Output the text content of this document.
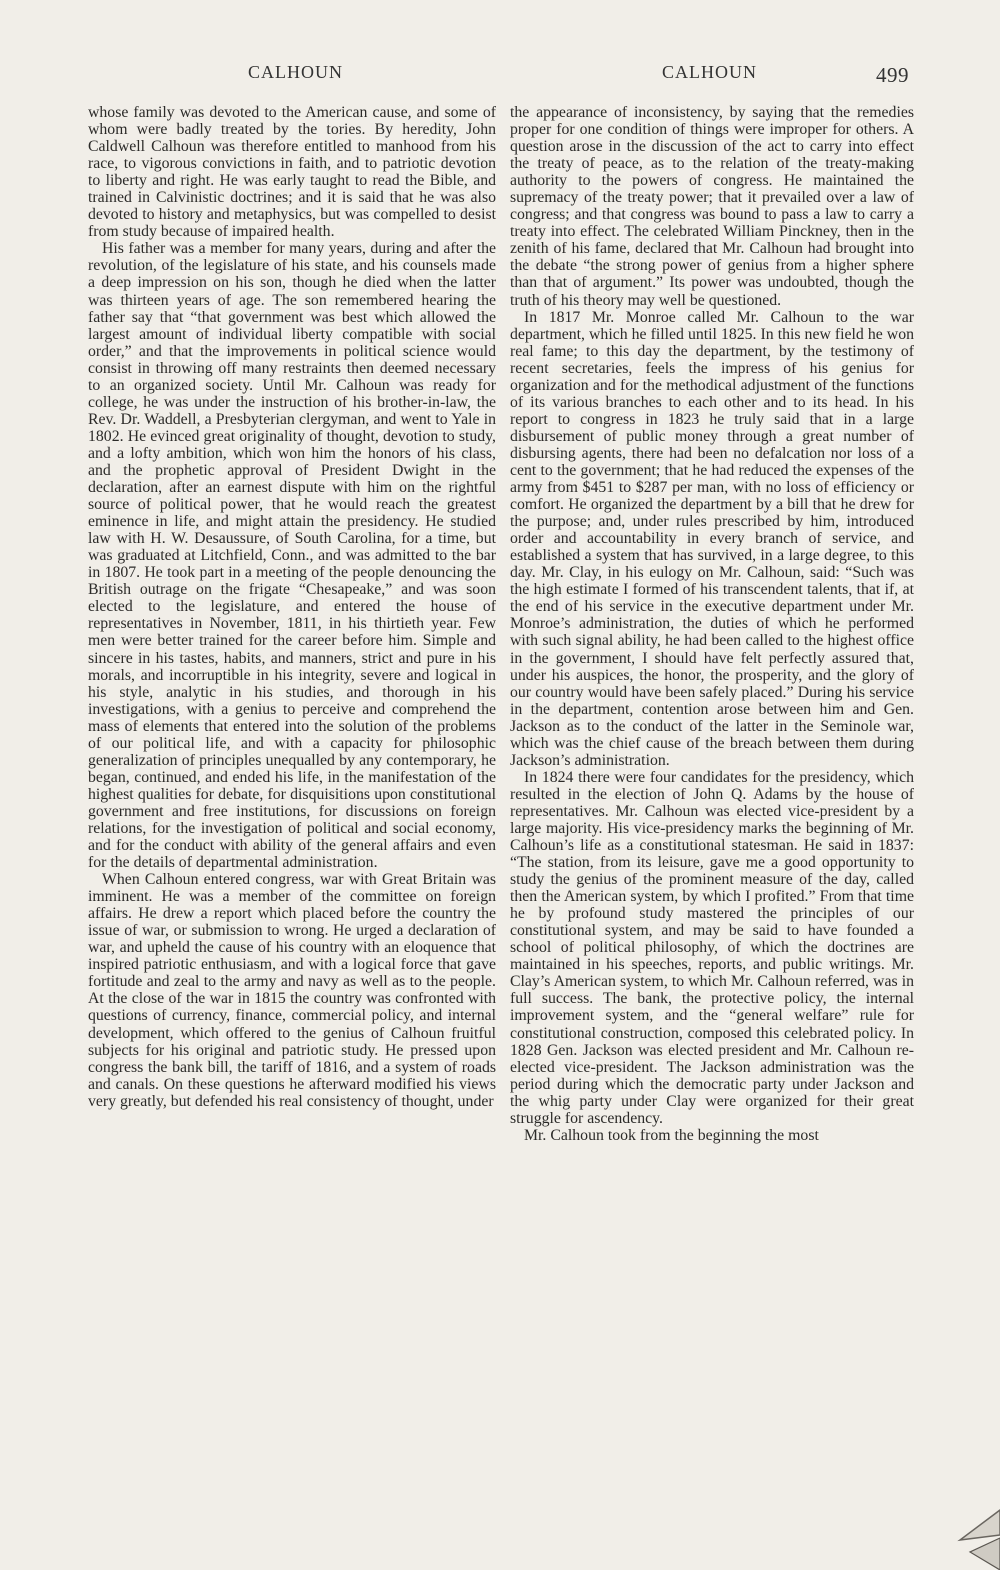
CALHOUN	CALHOUN	499

whose family was devoted to the American cause, and some of whom were badly treated by the tories. By heredity, John Caldwell Calhoun was therefore entitled to manhood from his race, to vigorous convictions in faith, and to patriotic devotion to liberty and right. He was early taught to read the Bible, and trained in Calvinistic doctrines; and it is said that he was also devoted to history and metaphysics, but was compelled to desist from study because of impaired health.

His father was a member for many years, during and after the revolution, of the legislature of his state, and his counsels made a deep impression on his son, though he died when the latter was thirteen years of age. The son remembered hearing the father say that “that government was best which allowed the largest amount of individual liberty compatible with social order,” and that the improvements in political science would consist in throwing off many restraints then deemed necessary to an organized society. Until Mr. Calhoun was ready for college, he was under the instruction of his brother-in-law, the Rev. Dr. Waddell, a Presbyterian clergyman, and went to Yale in 1802. He evinced great originality of thought, devotion to study, and a lofty ambition, which won him the honors of his class, and the prophetic approval of President Dwight in the declaration, after an earnest dispute with him on the rightful source of political power, that he would reach the greatest eminence in life, and might attain the presidency. He studied law with H. W. Desaussure, of South Carolina, for a time, but was graduated at Litchfield, Conn., and was admitted to the bar in 1807. He took part in a meeting of the people denouncing the British outrage on the frigate “Chesapeake,” and was soon elected to the legislature, and entered the house of representatives in November, 1811, in his thirtieth year. Few men were better trained for the career before him. Simple and sincere in his tastes, habits, and manners, strict and pure in his morals, and incorruptible in his integrity, severe and logical in his style, analytic in his studies, and thorough in his investigations, with a genius to perceive and comprehend the mass of elements that entered into the solution of the problems of our political life, and with a capacity for philosophic generalization of principles unequalled by any contemporary, he began, continued, and ended his life, in the manifestation of the highest qualities for debate, for disquisitions upon constitutional government and free institutions, for discussions on foreign relations, for the investigation of political and social economy, and for the conduct with ability of the general affairs and even for the details of departmental administration.

When Calhoun entered congress, war with Great Britain was imminent. He was a member of the committee on foreign affairs. He drew a report which placed before the country the issue of war, or submission to wrong. He urged a declaration of war, and upheld the cause of his country with an eloquence that inspired patriotic enthusiasm, and with a logical force that gave fortitude and zeal to the army and navy as well as to the people. At the close of the war in 1815 the country was confronted with questions of currency, finance, commercial policy, and internal development, which offered to the genius of Calhoun fruitful subjects for his original and patriotic study. He pressed upon congress the bank bill, the tariff of 1816, and a system of roads and canals. On these questions he afterward modified his views very greatly, but defended his real consistency of thought, under

the appearance of inconsistency, by saying that the remedies proper for one condition of things were improper for others. A question arose in the discussion of the act to carry into effect the treaty of peace, as to the relation of the treaty-making authority to the powers of congress. He maintained the supremacy of the treaty power; that it prevailed over a law of congress; and that congress was bound to pass a law to carry a treaty into effect. The celebrated William Pinckney, then in the zenith of his fame, declared that Mr. Calhoun had brought into the debate “the strong power of genius from a higher sphere than that of argument.” Its power was undoubted, though the truth of his theory may well be questioned.

In 1817 Mr. Monroe called Mr. Calhoun to the war department, which he filled until 1825. In this new field he won real fame; to this day the department, by the testimony of recent secretaries, feels the impress of his genius for organization and for the methodical adjustment of the functions of its various branches to each other and to its head. In his report to congress in 1823 he truly said that in a large disbursement of public money through a great number of disbursing agents, there had been no defalcation nor loss of a cent to the government; that he had reduced the expenses of the army from $451 to $287 per man, with no loss of efficiency or comfort. He organized the department by a bill that he drew for the purpose; and, under rules prescribed by him, introduced order and accountability in every branch of service, and established a system that has survived, in a large degree, to this day. Mr. Clay, in his eulogy on Mr. Calhoun, said: “Such was the high estimate I formed of his transcendent talents, that if, at the end of his service in the executive department under Mr. Monroe’s administration, the duties of which he performed with such signal ability, he had been called to the highest office in the government, I should have felt perfectly assured that, under his auspices, the honor, the prosperity, and the glory of our country would have been safely placed.” During his service in the department, contention arose between him and Gen. Jackson as to the conduct of the latter in the Seminole war, which was the chief cause of the breach between them during Jackson’s administration.

In 1824 there were four candidates for the presidency, which resulted in the election of John Q. Adams by the house of representatives. Mr. Calhoun was elected vice-president by a large majority. His vice-presidency marks the beginning of Mr. Calhoun’s life as a constitutional statesman. He said in 1837: “The station, from its leisure, gave me a good opportunity to study the genius of the prominent measure of the day, called then the American system, by which I profited.” From that time he by profound study mastered the principles of our constitutional system, and may be said to have founded a school of political philosophy, of which the doctrines are maintained in his speeches, reports, and public writings. Mr. Clay’s American system, to which Mr. Calhoun referred, was in full success. The bank, the protective policy, the internal improvement system, and the “general welfare” rule for constitutional construction, composed this celebrated policy. In 1828 Gen. Jackson was elected president and Mr. Calhoun re-elected vice-president. The Jackson administration was the period during which the democratic party under Jackson and the whig party under Clay were organized for their great struggle for ascendency.

Mr. Calhoun took from the beginning the most
